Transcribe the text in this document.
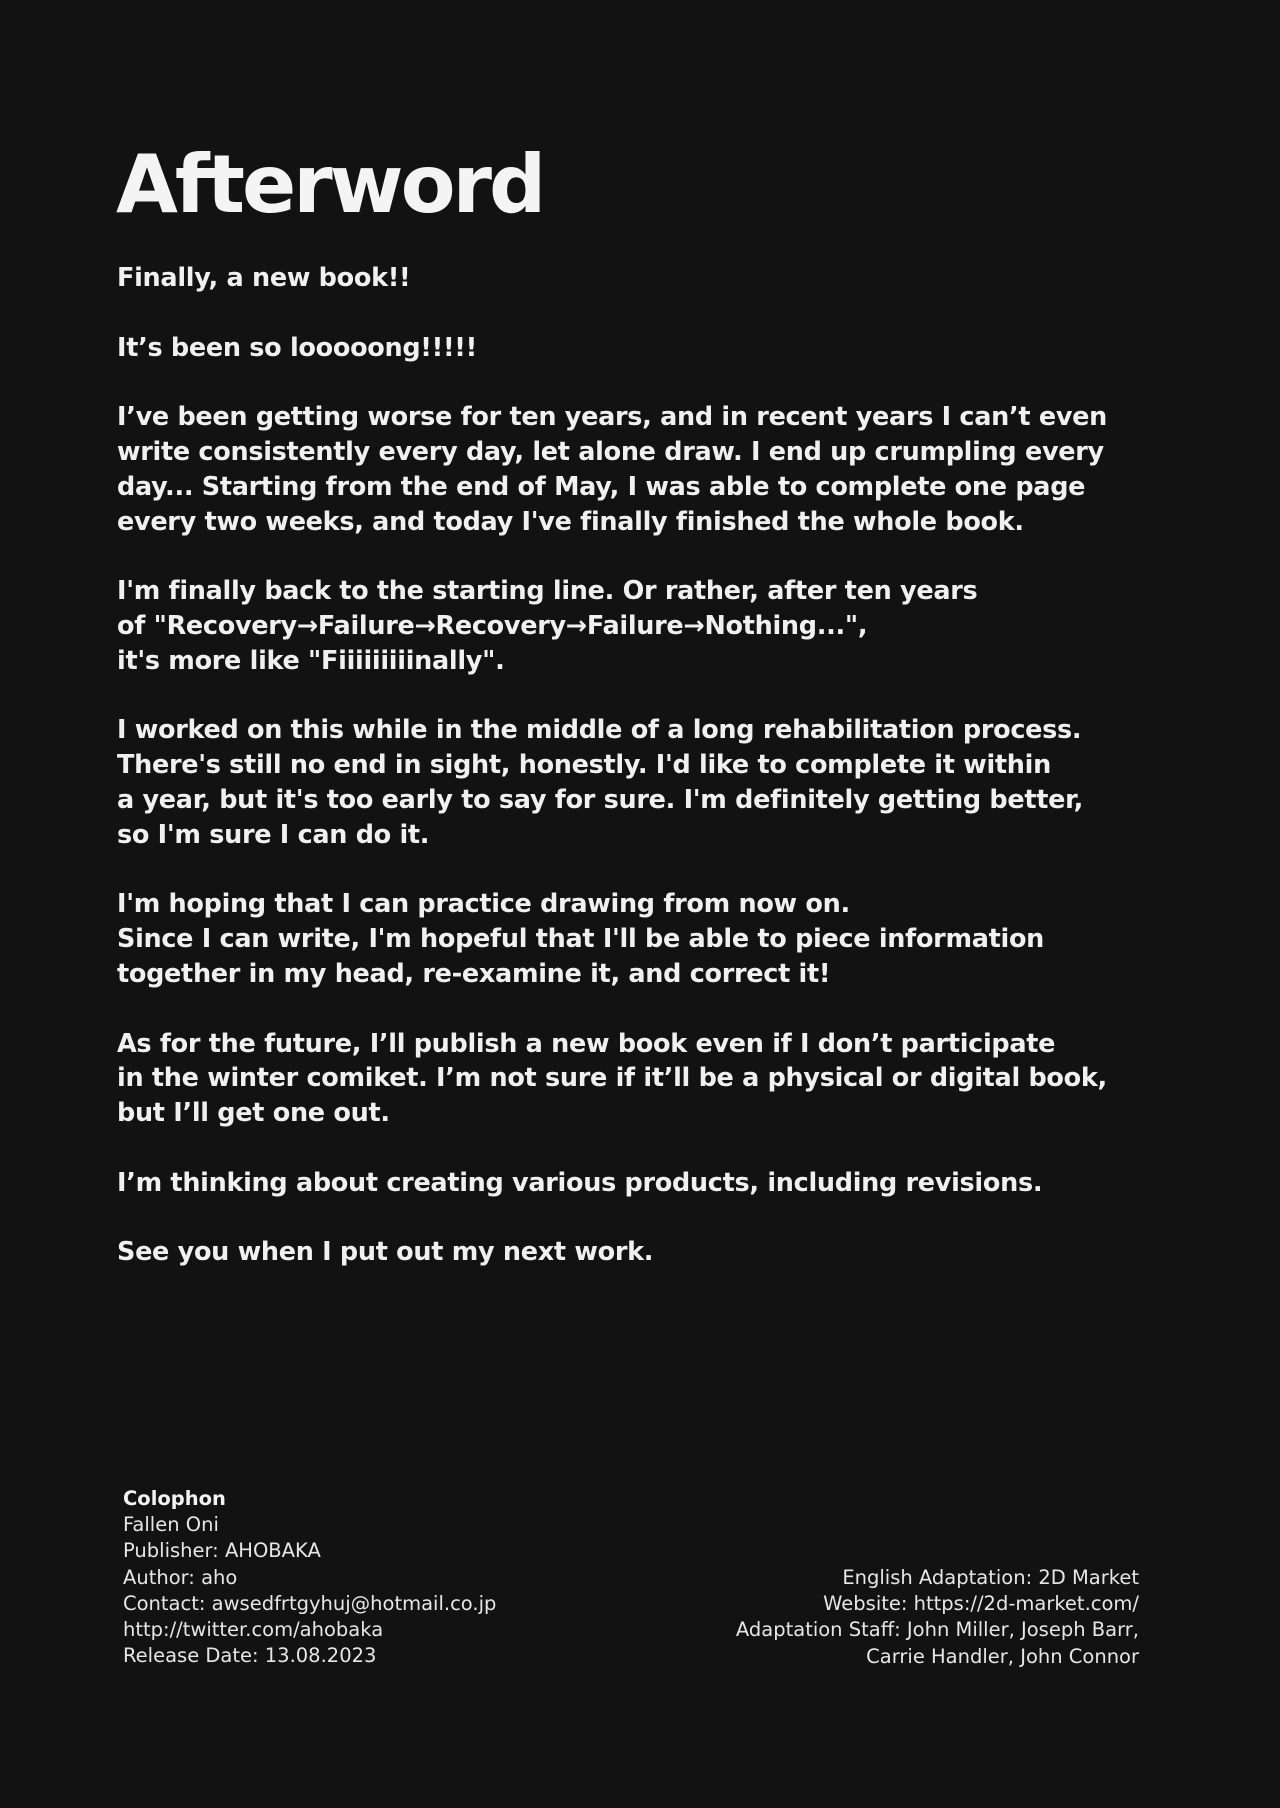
Afterword

Finally, a new book!!

It’s been so looooong!!!!!

I’ve been getting worse for ten years, and in recent years I can’t even
write consistently every day, let alone draw. I end up crumpling every
day... Starting from the end of May, I was able to complete one page
every two weeks, and today I've finally finished the whole book.

I'm finally back to the starting line. Or rather, after ten years
of "Recovery→Failure→Recovery→Failure→Nothing...",
it's more like "Fiiiiiiiiinally".

I worked on this while in the middle of a long rehabilitation process.
There's still no end in sight, honestly. I'd like to complete it within
a year, but it's too early to say for sure. I'm definitely getting better,
so I'm sure I can do it.

I'm hoping that I can practice drawing from now on.
Since I can write, I'm hopeful that I'll be able to piece information
together in my head, re-examine it, and correct it!

As for the future, I’ll publish a new book even if I don’t participate
in the winter comiket. I’m not sure if it’ll be a physical or digital book,
but I’ll get one out.

I’m thinking about creating various products, including revisions.

See you when I put out my next work.

Colophon
Fallen Oni
Publisher: AHOBAKA
Author: aho
Contact: awsedfrtgyhuj@hotmail.co.jp
http://twitter.com/ahobaka
Release Date: 13.08.2023
English Adaptation: 2D Market
Website: https://2d-market.com/
Adaptation Staff: John Miller, Joseph Barr,
Carrie Handler, John Connor
